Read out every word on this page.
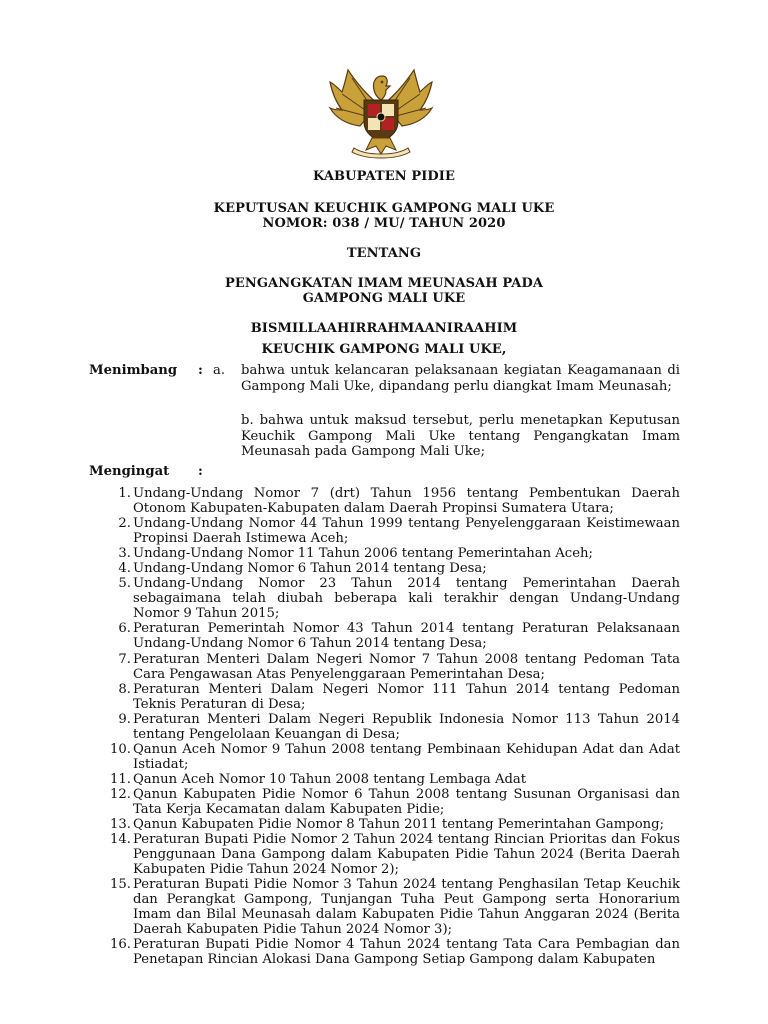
KABUPATEN PIDIE
KEPUTUSAN KEUCHIK GAMPONG MALI UKE
NOMOR: 038 / MU/ TAHUN 2020
TENTANG
PENGANGKATAN IMAM MEUNASAH PADA
GAMPONG MALI UKE
BISMILLAAHIRRAHMAANIRAAHIM
KEUCHIK GAMPONG MALI UKE,
Menimbang : a. bahwa untuk kelancaran pelaksanaan kegiatan Keagamanaan di Gampong Mali Uke, dipandang perlu diangkat Imam Meunasah;
b. bahwa untuk maksud tersebut, perlu menetapkan Keputusan Keuchik Gampong Mali Uke tentang Pengangkatan Imam Meunasah pada Gampong Mali Uke;
Mengingat :
1. Undang-Undang Nomor 7 (drt) Tahun 1956 tentang Pembentukan Daerah Otonom Kabupaten-Kabupaten dalam Daerah Propinsi Sumatera Utara;
2. Undang-Undang Nomor 44 Tahun 1999 tentang Penyelenggaraan Keistimewaan Propinsi Daerah Istimewa Aceh;
3. Undang-Undang Nomor 11 Tahun 2006 tentang Pemerintahan Aceh;
4. Undang-Undang Nomor 6 Tahun 2014 tentang Desa;
5. Undang-Undang Nomor 23 Tahun 2014 tentang Pemerintahan Daerah sebagaimana telah diubah beberapa kali terakhir dengan Undang-Undang Nomor 9 Tahun 2015;
6. Peraturan Pemerintah Nomor 43 Tahun 2014 tentang Peraturan Pelaksanaan Undang-Undang Nomor 6 Tahun 2014 tentang Desa;
7. Peraturan Menteri Dalam Negeri Nomor 7 Tahun 2008 tentang Pedoman Tata Cara Pengawasan Atas Penyelenggaraan Pemerintahan Desa;
8. Peraturan Menteri Dalam Negeri Nomor 111 Tahun 2014 tentang Pedoman Teknis Peraturan di Desa;
9. Peraturan Menteri Dalam Negeri Republik Indonesia Nomor 113 Tahun 2014 tentang Pengelolaan Keuangan di Desa;
10. Qanun Aceh Nomor 9 Tahun 2008 tentang Pembinaan Kehidupan Adat dan Adat Istiadat;
11. Qanun Aceh Nomor 10 Tahun 2008 tentang Lembaga Adat
12. Qanun Kabupaten Pidie Nomor 6 Tahun 2008 tentang Susunan Organisasi dan Tata Kerja Kecamatan dalam Kabupaten Pidie;
13. Qanun Kabupaten Pidie Nomor 8 Tahun 2011 tentang Pemerintahan Gampong;
14. Peraturan Bupati Pidie Nomor 2 Tahun 2024 tentang Rincian Prioritas dan Fokus Penggunaan Dana Gampong dalam Kabupaten Pidie Tahun 2024 (Berita Daerah Kabupaten Pidie Tahun 2024 Nomor 2);
15. Peraturan Bupati Pidie Nomor 3 Tahun 2024 tentang Penghasilan Tetap Keuchik dan Perangkat Gampong, Tunjangan Tuha Peut Gampong serta Honorarium Imam dan Bilal Meunasah dalam Kabupaten Pidie Tahun Anggaran 2024 (Berita Daerah Kabupaten Pidie Tahun 2024 Nomor 3);
16. Peraturan Bupati Pidie Nomor 4 Tahun 2024 tentang Tata Cara Pembagian dan Penetapan Rincian Alokasi Dana Gampong Setiap Gampong dalam Kabupaten
